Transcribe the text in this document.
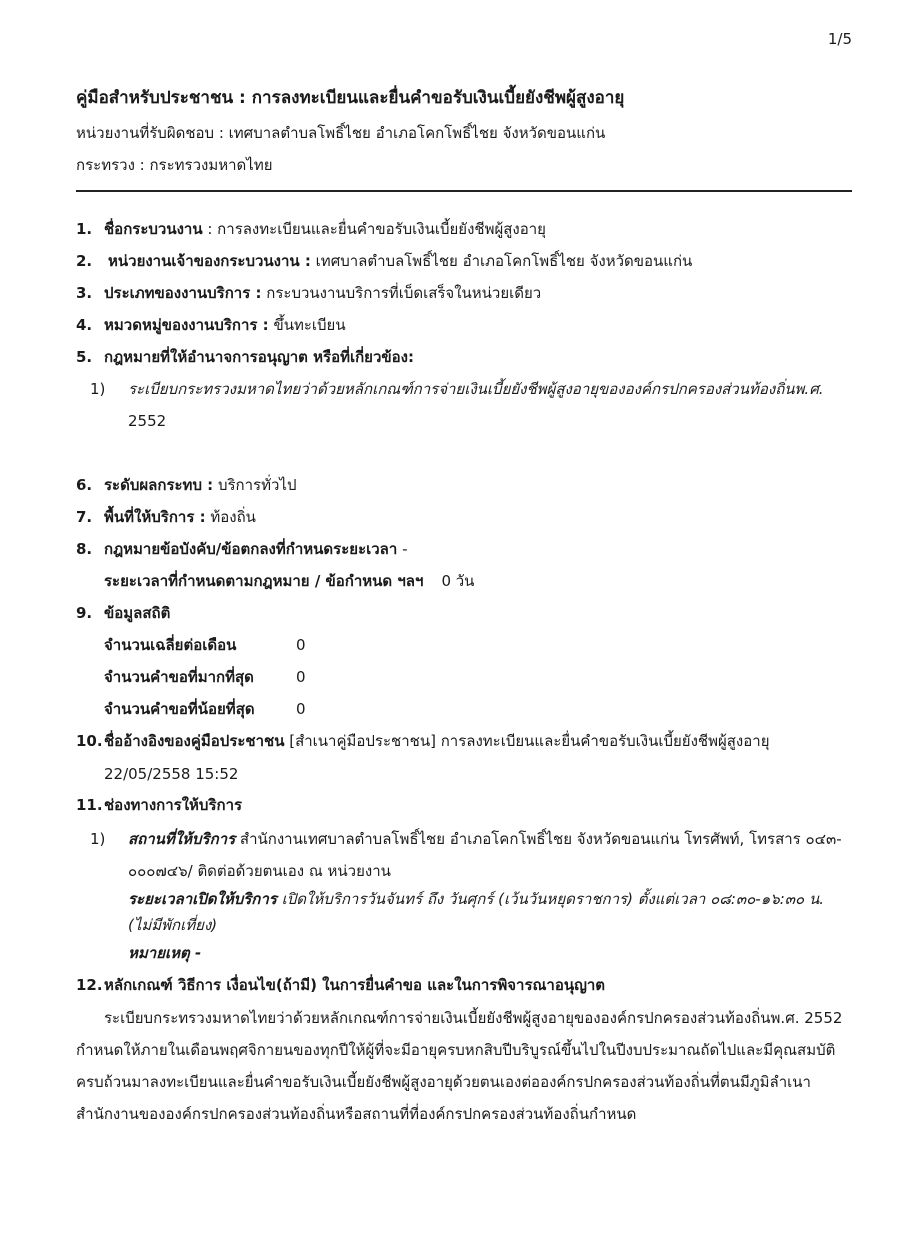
1/5
คู่มือสำหรับประชาชน : การลงทะเบียนและยื่นคำขอรับเงินเบี้ยยังชีพผู้สูงอายุ
หน่วยงานที่รับผิดชอบ : เทศบาลตำบลโพธิ์ไชย อำเภอโคกโพธิ์ไชย จังหวัดขอนแก่น
กระทรวง : กระทรวงมหาดไทย
1. ชื่อกระบวนงาน : การลงทะเบียนและยื่นคำขอรับเงินเบี้ยยังชีพผู้สูงอายุ
2. หน่วยงานเจ้าของกระบวนงาน : เทศบาลตำบลโพธิ์ไชย อำเภอโคกโพธิ์ไชย จังหวัดขอนแก่น
3. ประเภทของงานบริการ : กระบวนงานบริการที่เบ็ดเสร็จในหน่วยเดียว
4. หมวดหมู่ของงานบริการ : ขึ้นทะเบียน
5. กฎหมายที่ให้อำนาจการอนุญาต หรือที่เกี่ยวข้อง:
1) ระเบียบกระทรวงมหาดไทยว่าด้วยหลักเกณฑ์การจ่ายเงินเบี้ยยังชีพผู้สูงอายุขององค์กรปกครองส่วนท้องถิ่นพ.ศ.
2552
6. ระดับผลกระทบ : บริการทั่วไป
7. พื้นที่ให้บริการ : ท้องถิ่น
8. กฎหมายข้อบังคับ/ข้อตกลงที่กำหนดระยะเวลา -
ระยะเวลาที่กำหนดตามกฎหมาย / ข้อกำหนด ฯลฯ 0 วัน
9. ข้อมูลสถิติ
จำนวนเฉลี่ยต่อเดือน	0
จำนวนคำขอที่มากที่สุด	0
จำนวนคำขอที่น้อยที่สุด	0
10.ชื่ออ้างอิงของคู่มือประชาชน [สำเนาคู่มือประชาชน] การลงทะเบียนและยื่นคำขอรับเงินเบี้ยยังชีพผู้สูงอายุ
22/05/2558 15:52
11.ช่องทางการให้บริการ
1) สถานที่ให้บริการ สำนักงานเทศบาลตำบลโพธิ์ไชย อำเภอโคกโพธิ์ไชย จังหวัดขอนแก่น โทรศัพท์, โทรสาร ๐๔๓-
๐๐๐๗๔๖/ ติดต่อด้วยตนเอง ณ หน่วยงาน
ระยะเวลาเปิดให้บริการ เปิดให้บริการวันจันทร์ ถึง วันศุกร์ (เว้นวันหยุดราชการ) ตั้งแต่เวลา ๐๘:๓๐-๑๖:๓๐ น.
(ไม่มีพักเที่ยง)
หมายเหตุ -
12.หลักเกณฑ์ วิธีการ เงื่อนไข(ถ้ามี) ในการยื่นคำขอ และในการพิจารณาอนุญาต
ระเบียบกระทรวงมหาดไทยว่าด้วยหลักเกณฑ์การจ่ายเงินเบี้ยยังชีพผู้สูงอายุขององค์กรปกครองส่วนท้องถิ่นพ.ศ. 2552
กำหนดให้ภายในเดือนพฤศจิกายนของทุกปีให้ผู้ที่จะมีอายุครบหกสิบปีบริบูรณ์ขึ้นไปในปีงบประมาณถัดไปและมีคุณสมบัติ
ครบถ้วนมาลงทะเบียนและยื่นคำขอรับเงินเบี้ยยังชีพผู้สูงอายุด้วยตนเองต่อองค์กรปกครองส่วนท้องถิ่นที่ตนมีภูมิลำเนา
สำนักงานขององค์กรปกครองส่วนท้องถิ่นหรือสถานที่ที่องค์กรปกครองส่วนท้องถิ่นกำหนด
